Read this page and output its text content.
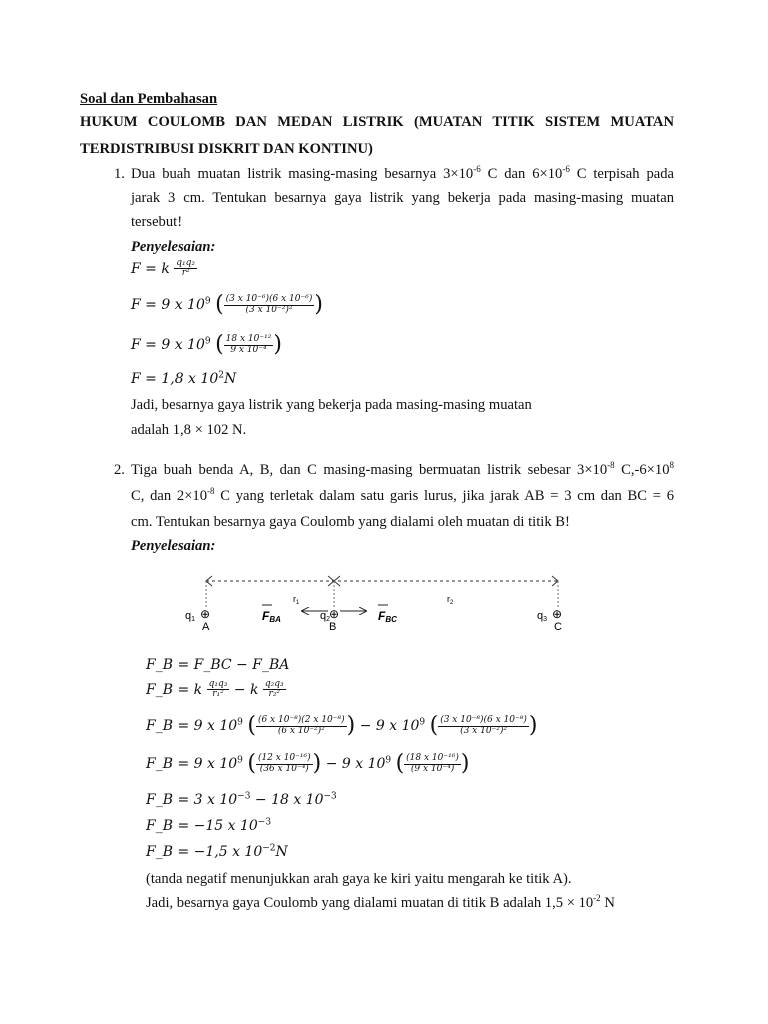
Soal dan Pembahasan
HUKUM COULOMB DAN MEDAN LISTRIK (MUATAN TITIK SISTEM MUATAN
TERDISTRIBUSI DISKRIT DAN KONTINU)
1. Dua buah muatan listrik masing-masing besarnya $3\times 10^{-6}$ C dan $6\times 10^{-6}$ C terpisah pada
jarak 3 cm. Tentukan besarnya gaya listrik yang bekerja pada masing-masing muatan
tersebut!
Penyelesaian:
F = k $\frac{\text{q₁q₂}}{\text{r²}}$
F = 9 x $10^9$ ( $\frac{\text{(3 x 10⁻⁶)(6 x 10⁻⁶)}}{\text{(3 x 10⁻²)²}}$ )
F = 9 x $10^9$ ( $\frac{\text{18 x 10⁻¹²}}{\text{9 x 10⁻⁴}}$ )
F = 1,8 x $10^2N$
Jadi, besarnya gaya listrik yang bekerja pada masing-masing muatan
adalah 1,8 × 102 N.
2. Tiga buah benda A, B, dan C masing-masing bermuatan listrik sebesar $3\times 10^{-8}$ $C,-6\times 10^8$
C, dan $2\times 10^{-8}$ C yang terletak dalam satu garis lurus, jika jarak AB = 3 cm dan BC = 6
cm. Tentukan besarnya gaya Coulomb yang dialami oleh muatan di titik B!
Penyelesaian:
$r_1$	$r_2$
q1 ⊕
A
FBA	q2
⊕
B
FBC	q3 ⊕
C
F_B = F_BC − F_BA
F_B = k $\frac{\text{q₁q₃}}{\text{r₁²}} - k \frac{\text{q₂q₃}}{\text{r₂²}}$
F_B = 9 x $10^9$ ( $\frac{\text{(6 x 10⁻⁸)(2 x 10⁻⁸)}}{\text{(6 x 10⁻²)²}}$ ) − 9 x $10^9$ ( $\frac{\text{(3 x 10⁻⁸)(6 x 10⁻⁸)}}{\text{(3 x 10⁻²)²}}$ )
F_B = 9 x $10^9$ ( $\frac{\text{(12 x 10⁻¹⁶)}}{\text{(36 x 10⁻⁴)}}$ ) − 9 x $10^9$ ( $\frac{\text{(18 x 10⁻¹⁶)}}{\text{(9 x 10⁻⁴)}}$ )
F_B = 3 x $10^{-3} - 18$ x $10^{-3}$
F_B = −15 x $10^{-3}$
F_B = −1,5 x $10^{-2}N$
(tanda negatif menunjukkan arah gaya ke kiri yaitu mengarah ke titik A).
Jadi, besarnya gaya Coulomb yang dialami muatan di titik B adalah $1,5 \times 10^{-2}$ N
